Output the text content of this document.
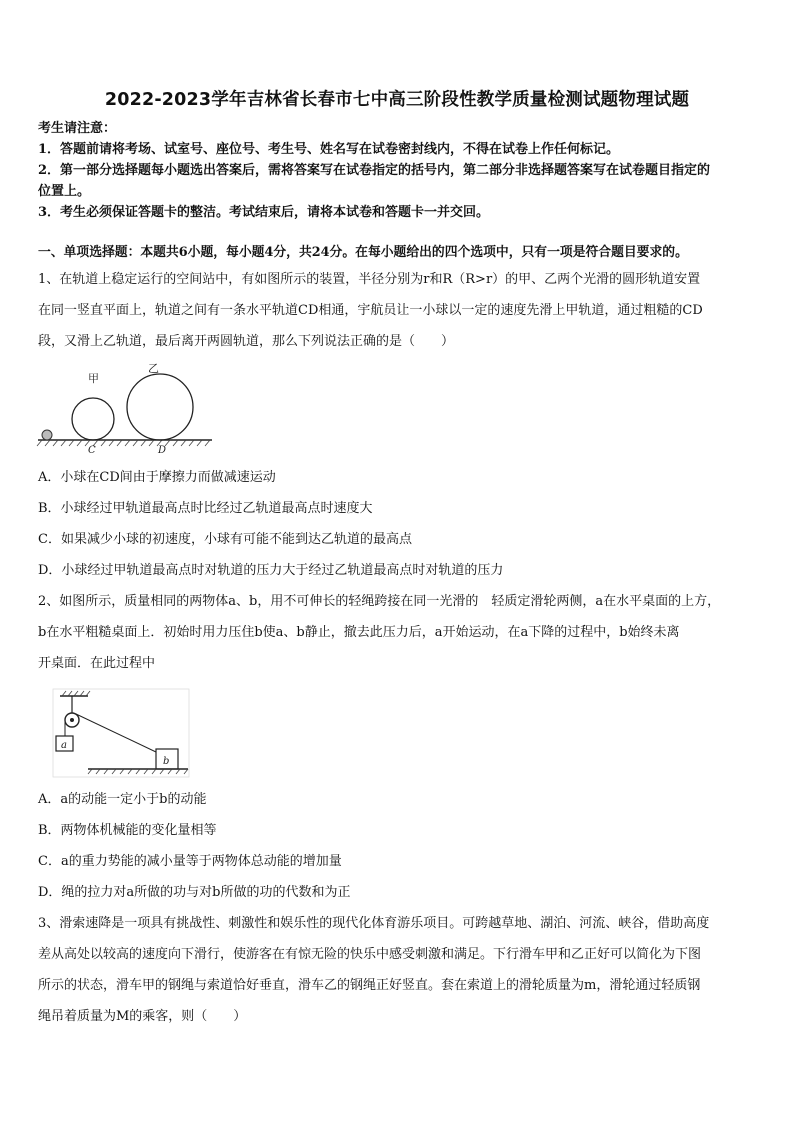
2022-2023学年吉林省长春市七中高三阶段性教学质量检测试题物理试题
考生请注意：
1．答题前请将考场、试室号、座位号、考生号、姓名写在试卷密封线内，不得在试卷上作任何标记。
2．第一部分选择题每小题选出答案后，需将答案写在试卷指定的括号内，第二部分非选择题答案写在试卷题目指定的
位置上。
3．考生必须保证答题卡的整洁。考试结束后，请将本试卷和答题卡一并交回。
一、单项选择题：本题共6小题，每小题4分，共24分。在每小题给出的四个选项中，只有一项是符合题目要求的。
1、在轨道上稳定运行的空间站中，有如图所示的装置，半径分别为r和R（R>r）的甲、乙两个光滑的圆形轨道安置
在同一竖直平面上，轨道之间有一条水平轨道CD相通，宇航员让一小球以一定的速度先滑上甲轨道，通过粗糙的CD
段，又滑上乙轨道，最后离开两圆轨道，那么下列说法正确的是（　　）
甲
乙
C	D
A．小球在CD间由于摩擦力而做减速运动
B．小球经过甲轨道最高点时比经过乙轨道最高点时速度大
C．如果减少小球的初速度，小球有可能不能到达乙轨道的最高点
D．小球经过甲轨道最高点时对轨道的压力大于经过乙轨道最高点时对轨道的压力
2、如图所示，质量相同的两物体a、b，用不可伸长的轻绳跨接在同一光滑的　轻质定滑轮两侧，a在水平桌面的上方，
b在水平粗糙桌面上．初始时用力压住b使a、b静止，撤去此压力后，a开始运动，在a下降的过程中，b始终未离
开桌面．在此过程中
a
b
A．a的动能一定小于b的动能
B．两物体机械能的变化量相等
C．a的重力势能的减小量等于两物体总动能的增加量
D．绳的拉力对a所做的功与对b所做的功的代数和为正
3、滑索速降是一项具有挑战性、刺激性和娱乐性的现代化体育游乐项目。可跨越草地、湖泊、河流、峡谷，借助高度
差从高处以较高的速度向下滑行，使游客在有惊无险的快乐中感受刺激和满足。下行滑车甲和乙正好可以简化为下图
所示的状态，滑车甲的钢绳与索道恰好垂直，滑车乙的钢绳正好竖直。套在索道上的滑轮质量为m，滑轮通过轻质钢
绳吊着质量为M的乘客，则（　　）
